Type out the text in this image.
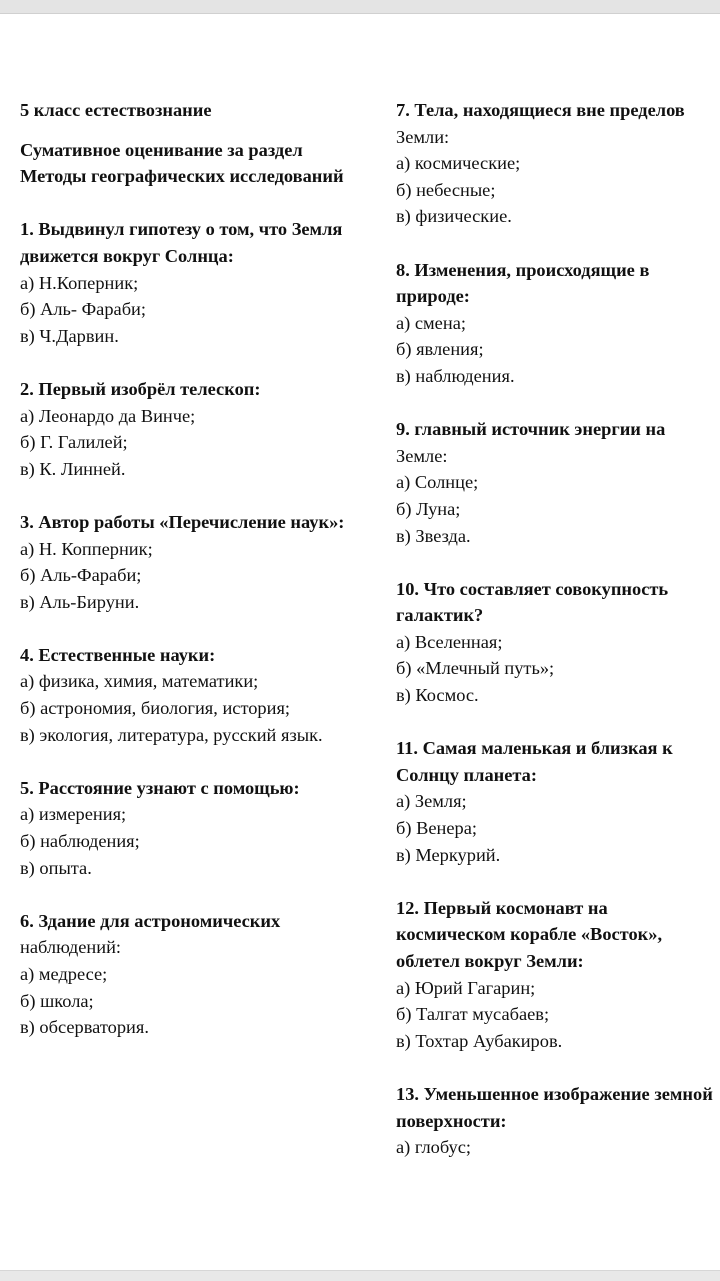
5 класс естествознание

Сумативное оценивание за раздел Методы географических исследований

1. Выдвинул гипотезу о том, что Земля движется вокруг Солнца:

а) Н.Коперник;

б) Аль- Фараби;

в) Ч.Дарвин.

2. Первый изобрёл телескоп:

а) Леонардо да Винче;

б) Г. Галилей;

в) К. Линней.

3. Автор работы «Перечисление наук»:

а) Н. Копперник;

б) Аль-Фараби;

в) Аль-Бируни.

4. Естественные науки:

а) физика, химия, математики;

б) астрономия, биология, история;

в) экология, литература, русский язык.

5. Расстояние узнают с помощью:

а) измерения;

б) наблюдения;

в) опыта.

6. Здание для астрономических наблюдений:

а) медресе;

б) школа;

в) обсерватория.

7. Тела, находящиеся вне пределов Земли:

а) космические;

б) небесные;

в) физические.

8. Изменения, происходящие в природе:

а) смена;

б) явления;

в) наблюдения.

9. главный источник энергии на Земле:

а) Солнце;

б) Луна;

в) Звезда.

10. Что составляет совокупность галактик?

а) Вселенная;

б) «Млечный путь»;

в) Космос.

11. Самая маленькая и близкая к Солнцу планета:

а) Земля;

б) Венера;

в) Меркурий.

12. Первый космонавт на космическом корабле «Восток», облетел вокруг Земли:

а) Юрий Гагарин;

б) Талгат мусабаев;

в) Тохтар Аубакиров.

13. Уменьшенное изображение земной поверхности:

а) глобус;
